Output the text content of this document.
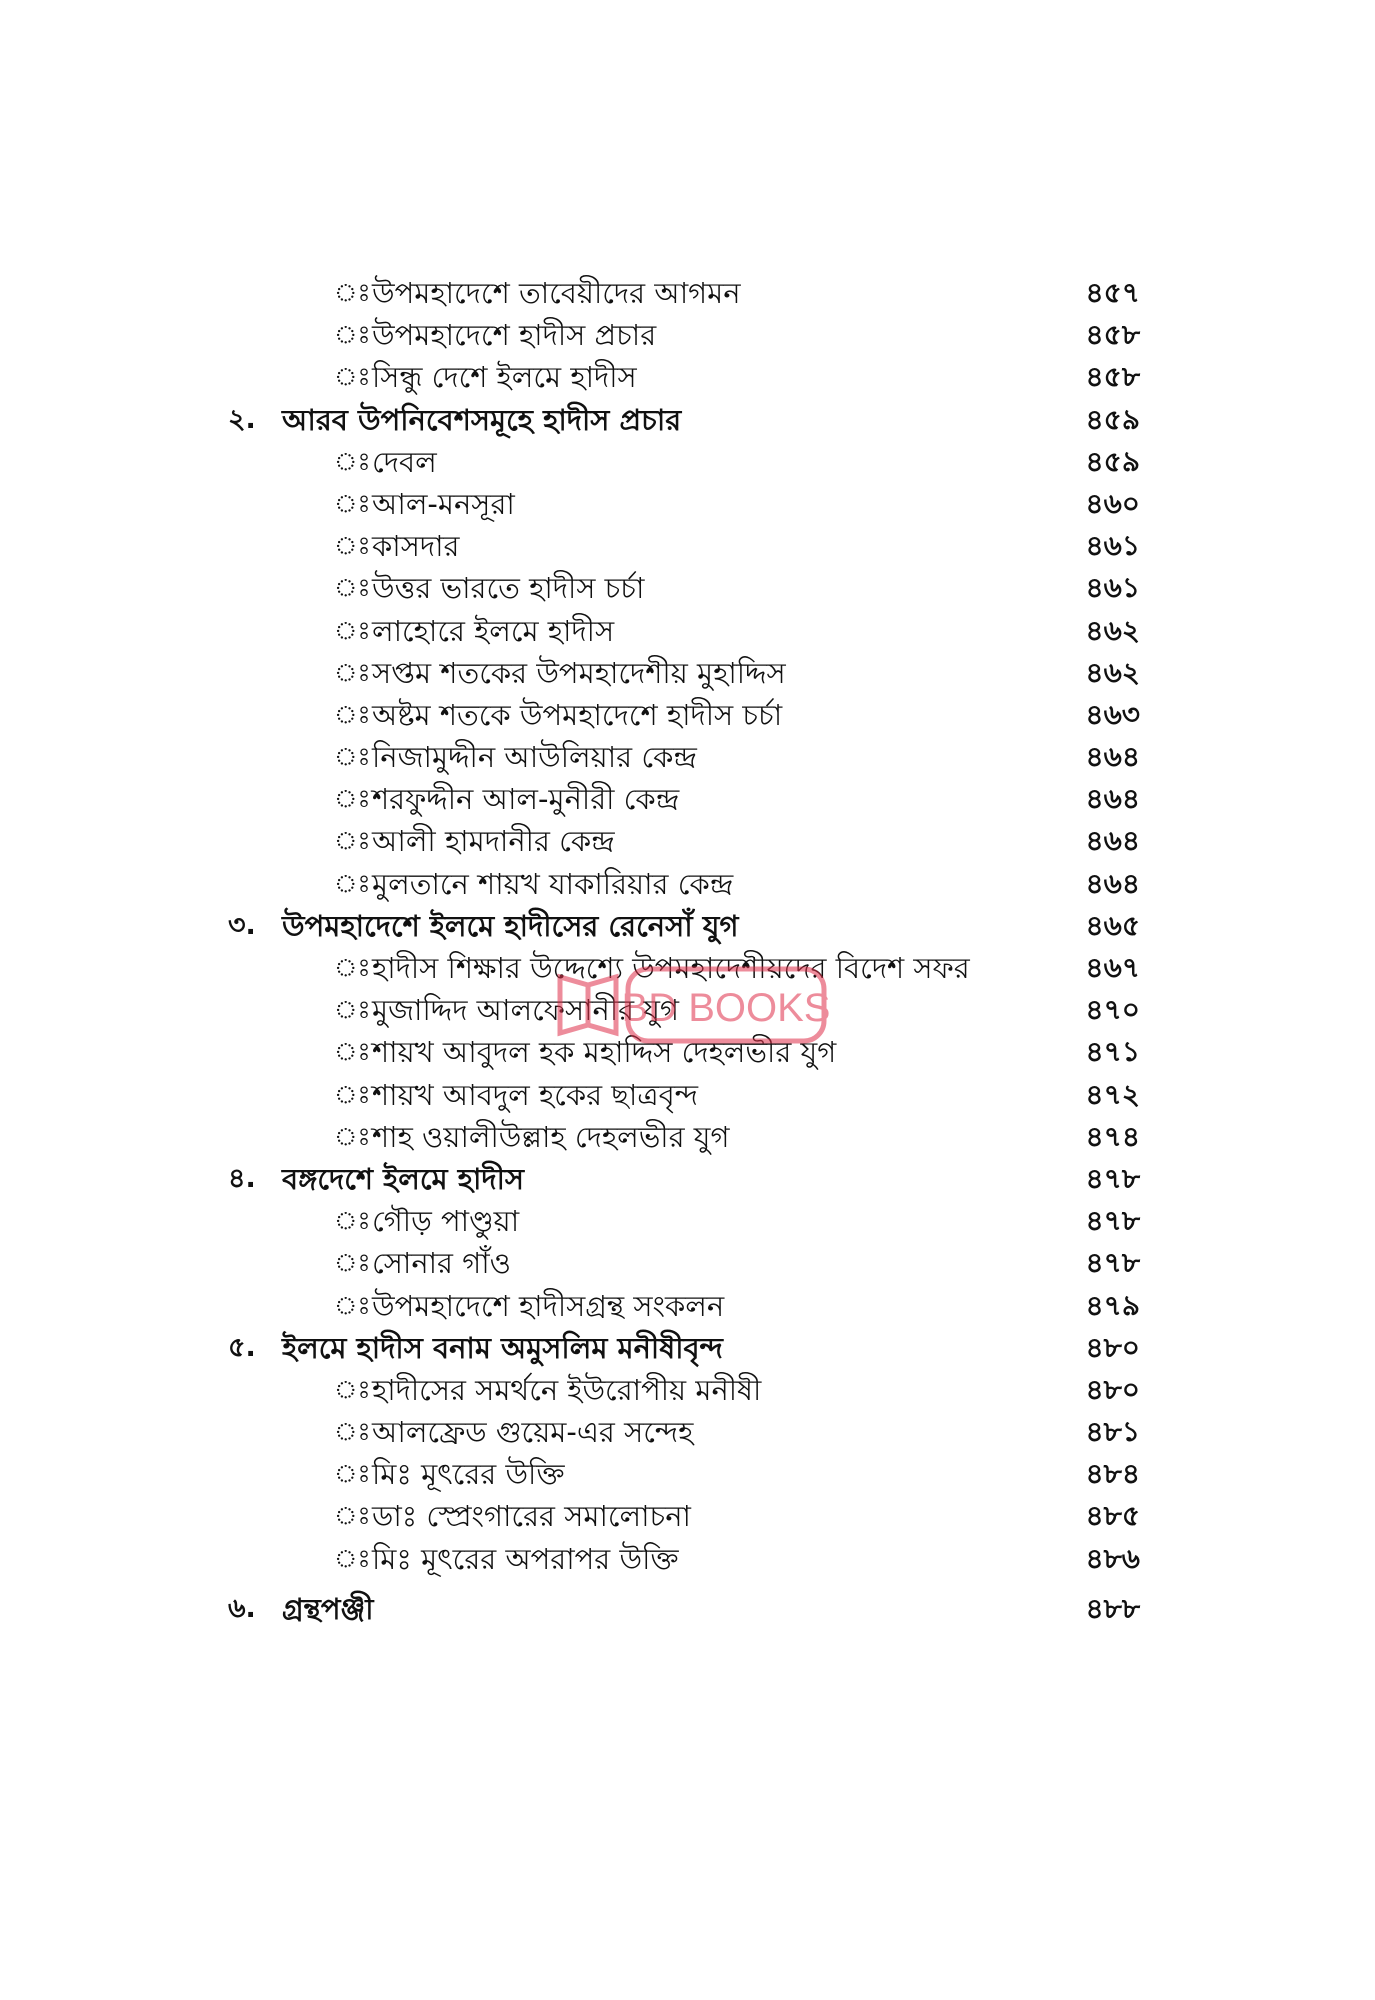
ঃ উপমহাদেশে তাবেয়ীদের আগমন	৪৫৭
ঃ উপমহাদেশে হাদীস প্রচার	৪৫৮
ঃ সিন্ধু দেশে ইলমে হাদীস	৪৫৮
২. আরব উপনিবেশসমূহে হাদীস প্রচার	৪৫৯
ঃ দেবল	৪৫৯
ঃ আল-মনসূরা	৪৬০
ঃ কাসদার	৪৬১
ঃ উত্তর ভারতে হাদীস চর্চা	৪৬১
ঃ লাহোরে ইলমে হাদীস	৪৬২
ঃ সপ্তম শতকের উপমহাদেশীয় মুহাদ্দিস	৪৬২
ঃ অষ্টম শতকে উপমহাদেশে হাদীস চর্চা	৪৬৩
ঃ নিজামুদ্দীন আউলিয়ার কেন্দ্র	৪৬৪
ঃ শরফুদ্দীন আল-মুনীরী কেন্দ্র	৪৬৪
ঃ আলী হামদানীর কেন্দ্র	৪৬৪
ঃ মুলতানে শায়খ যাকারিয়ার কেন্দ্র	৪৬৪
৩. উপমহাদেশে ইলমে হাদীসের রেনেসাঁ যুগ	৪৬৫
ঃ হাদীস শিক্ষার উদ্দেশ্যে উপমহাদেশীয়দের বিদেশ সফর	৪৬৭
ঃ মুজাদ্দিদ আলফেসানীর যুগ	৪৭০
ঃ শায়খ আবুদল হক মহাদ্দিস দেহলভীর যুগ	৪৭১
ঃ শায়খ আবদুল হকের ছাত্রবৃন্দ	৪৭২
ঃ শাহ ওয়ালীউল্লাহ দেহলভীর যুগ	৪৭৪
৪. বঙ্গদেশে ইলমে হাদীস	৪৭৮
ঃ গৌড় পাণ্ডুয়া	৪৭৮
ঃ সোনার গাঁও	৪৭৮
ঃ উপমহাদেশে হাদীসগ্রন্থ সংকলন	৪৭৯
৫. ইলমে হাদীস বনাম অমুসলিম মনীষীবৃন্দ	৪৮০
ঃ হাদীসের সমর্থনে ইউরোপীয় মনীষী	৪৮০
ঃ আলফ্রেড গুয়েম-এর সন্দেহ	৪৮১
ঃ মিঃ মূৎরের উক্তি	৪৮৪
ঃ ডাঃ স্প্রেংগারের সমালোচনা	৪৮৫
ঃ মিঃ মূৎরের অপরাপর উক্তি	৪৮৬
৬. গ্রন্থপঞ্জী	৪৮৮
BD BOOKS
